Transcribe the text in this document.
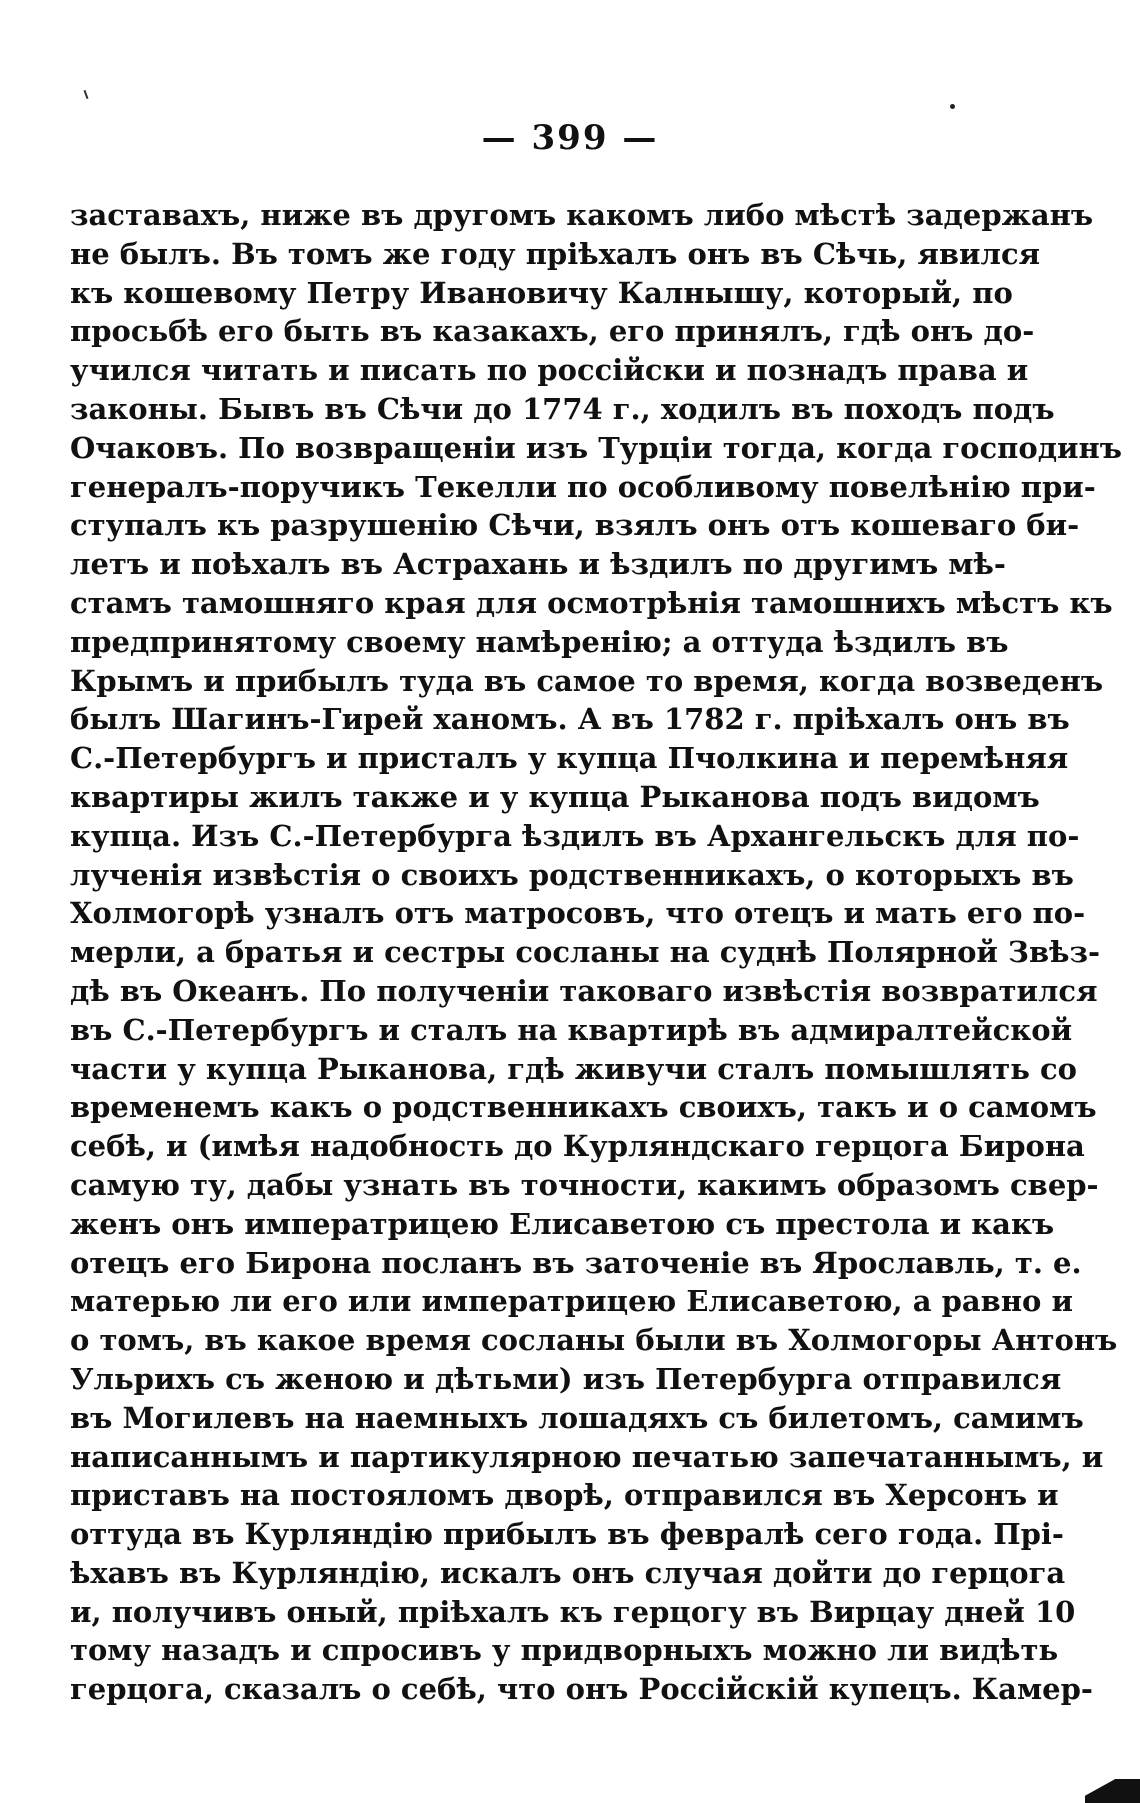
— 399 —
заставахъ, ниже въ другомъ какомъ либо мѣстѣ задержанъ
не былъ. Въ томъ же году пріѣхалъ онъ въ Сѣчь, явился
къ кошевому Петру Ивановичу Калнышу, который, по
просьбѣ его быть въ казакахъ, его принялъ, гдѣ онъ до-
учился читать и писать по россійски и познадъ права и
законы. Бывъ въ Сѣчи до 1774 г., ходилъ въ походъ подъ
Очаковъ. По возвращеніи изъ Турціи тогда, когда господинъ
генералъ-поручикъ Текелли по особливому повелѣнію при-
ступалъ къ разрушенію Сѣчи, взялъ онъ отъ кошеваго би-
летъ и поѣхалъ въ Астрахань и ѣздилъ по другимъ мѣ-
стамъ тамошняго края для осмотрѣнія тамошнихъ мѣстъ къ
предпринятому своему намѣренію; а оттуда ѣздилъ въ
Крымъ и прибылъ туда въ самое то время, когда возведенъ
былъ Шагинъ-Гирей ханомъ. А въ 1782 г. пріѣхалъ онъ въ
С.-Петербургъ и присталъ у купца Пчолкина и перемѣняя
квартиры жилъ также и у купца Рыканова подъ видомъ
купца. Изъ С.-Петербурга ѣздилъ въ Архангельскъ для по-
лученія извѣстія о своихъ родственникахъ, о которыхъ въ
Холмогорѣ узналъ отъ матросовъ, что отецъ и мать его по-
мерли, а братья и сестры сосланы на суднѣ Полярной Звѣз-
дѣ въ Океанъ. По полученіи таковаго извѣстія возвратился
въ С.-Петербургъ и сталъ на квартирѣ въ адмиралтейской
части у купца Рыканова, гдѣ живучи сталъ помышлять со
временемъ какъ о родственникахъ своихъ, такъ и о самомъ
себѣ, и (имѣя надобность до Курляндскаго герцога Бирона
самую ту, дабы узнать въ точности, какимъ образомъ свер-
женъ онъ императрицею Елисаветою съ престола и какъ
отецъ его Бирона посланъ въ заточеніе въ Ярославль, т. е.
матерью ли его или императрицею Елисаветою, а равно и
о томъ, въ какое время сосланы были въ Холмогоры Антонъ
Ульрихъ съ женою и дѣтьми) изъ Петербурга отправился
въ Могилевъ на наемныхъ лошадяхъ съ билетомъ, самимъ
написаннымъ и партикулярною печатью запечатаннымъ, и
приставъ на постояломъ дворѣ, отправился въ Херсонъ и
оттуда въ Курляндію прибылъ въ февралѣ сего года. Прі-
ѣхавъ въ Курляндію, искалъ онъ случая дойти до герцога
и, получивъ оный, пріѣхалъ къ герцогу въ Вирцау дней 10
тому назадъ и спросивъ у придворныхъ можно ли видѣть
герцога, сказалъ о себѣ, что онъ Россійскій купецъ. Камер-
